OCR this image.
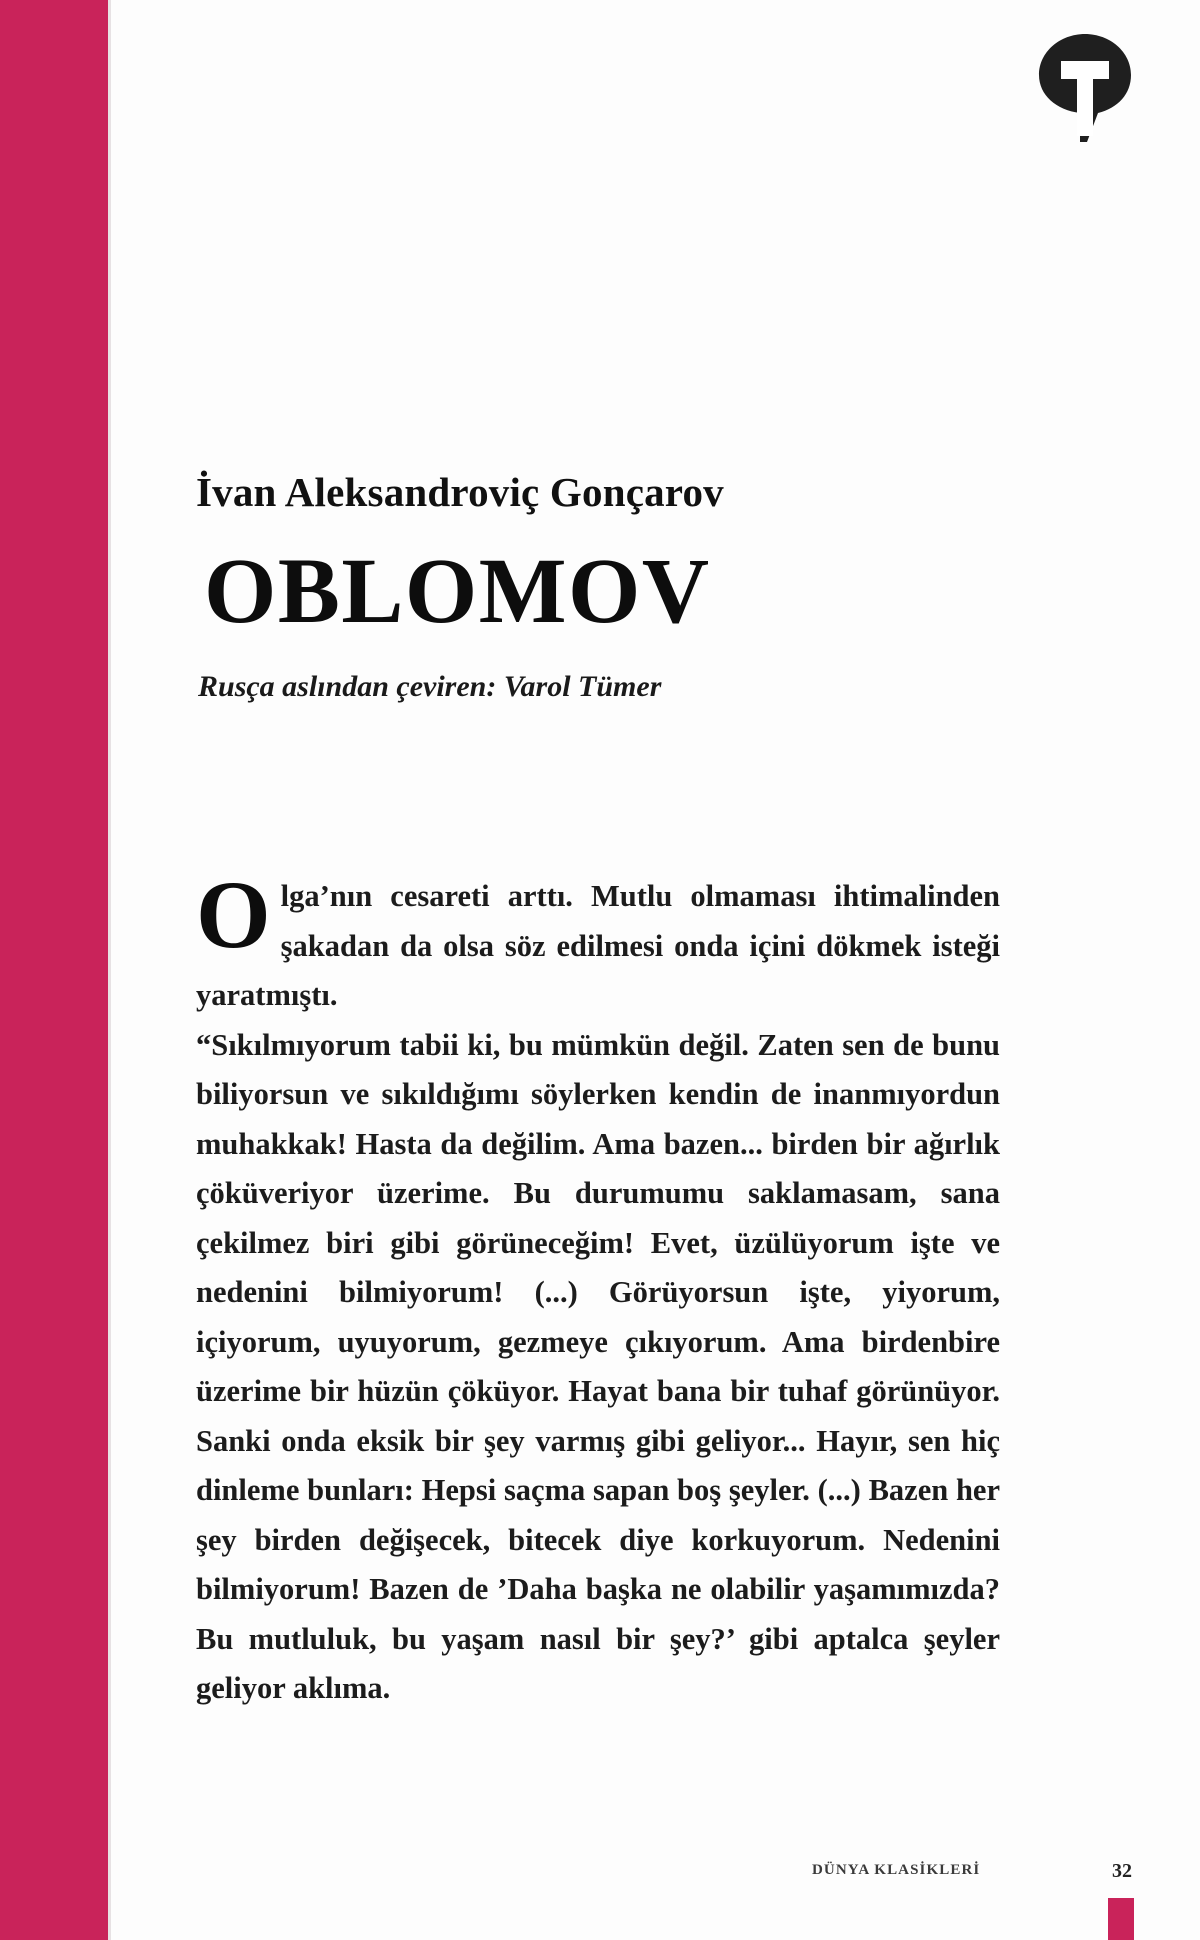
İvan Aleksandroviç Gonçarov
OBLOMOV
Rusça aslından çeviren: Varol Tümer

Olga’nın cesareti arttı. Mutlu olmaması ihtimalinden şakadan da olsa söz edilmesi onda içini dökmek isteği yaratmıştı.

“Sıkılmıyorum tabii ki, bu mümkün değil. Zaten sen de bunu biliyorsun ve sıkıldığımı söylerken kendin de inanmıyordun muhakkak! Hasta da değilim. Ama bazen... birden bir ağırlık çöküveriyor üzerime. Bu durumumu saklamasam, sana çekilmez biri gibi görüneceğim! Evet, üzülüyorum işte ve nedenini bilmiyorum! (...) Görüyorsun işte, yiyorum, içiyorum, uyuyorum, gezmeye çıkıyorum. Ama birdenbire üzerime bir hüzün çöküyor. Hayat bana bir tuhaf görünüyor. Sanki onda eksik bir şey varmış gibi geliyor... Hayır, sen hiç dinleme bunları: Hepsi saçma sapan boş şeyler. (...) Bazen her şey birden değişecek, bitecek diye korkuyorum. Nedenini bilmiyorum! Bazen de ’Daha başka ne olabilir yaşamımızda? Bu mutluluk, bu yaşam nasıl bir şey?’ gibi aptalca şeyler geliyor aklıma.

DÜNYA KLASİKLERİ	32
